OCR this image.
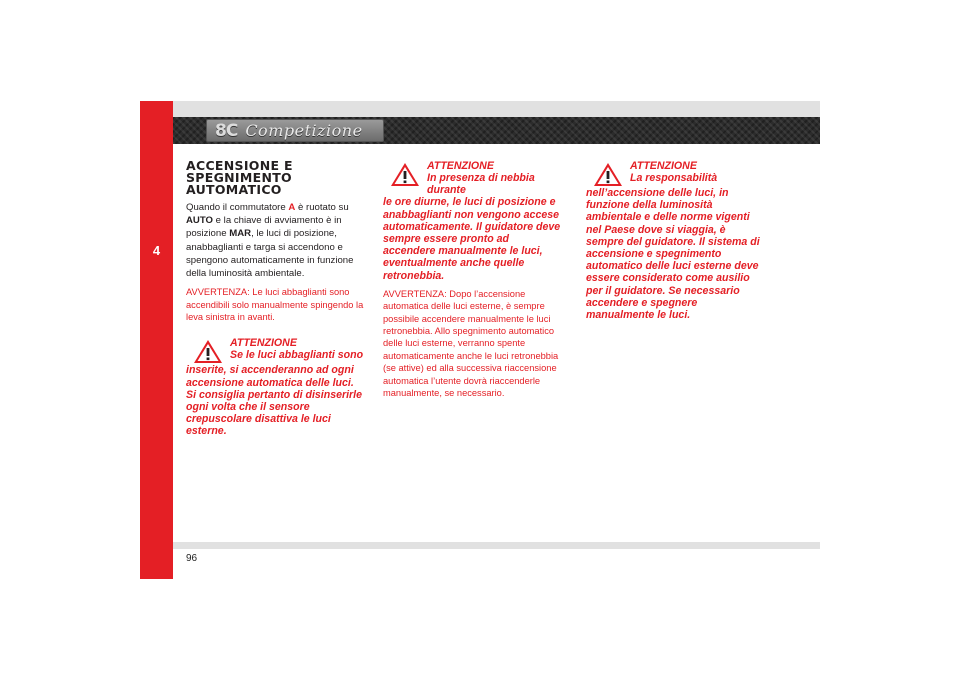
4
8C Competizione
ACCENSIONE E
SPEGNIMENTO
AUTOMATICO

Quando il commutatore A è ruotato su AUTO e la chiave di avviamento è in posizione MAR, le luci di posizione, anabbaglianti e targa si accendono e spengono automaticamente in funzione della luminosità ambientale.

AVVERTENZA: Le luci abbaglianti sono accendibili solo manualmente spingendo la leva sinistra in avanti.

ATTENZIONE
Se le luci abbaglianti sono

inserite, si accenderanno ad ogni accensione automatica delle luci. Si consiglia pertanto di disinserirle ogni volta che il sensore crepuscolare disattiva le luci esterne.

ATTENZIONE
In presenza di nebbia durante

le ore diurne, le luci di posizione e anabbaglianti non vengono accese automaticamente. Il guidatore deve sempre essere pronto ad accendere manualmente le luci, eventualmente anche quelle retronebbia.

AVVERTENZA: Dopo l’accensione automatica delle luci esterne, è sempre possibile accendere manualmente le luci retronebbia. Allo spegnimento automatico delle luci esterne, verranno spente automaticamente anche le luci retronebbia (se attive) ed alla successiva riaccensione automatica l’utente dovrà riaccenderle manualmente, se necessario.

ATTENZIONE
La responsabilità

nell’accensione delle luci, in funzione della luminosità ambientale e delle norme vigenti nel Paese dove si viaggia, è sempre del guidatore. Il sistema di accensione e spegnimento automatico delle luci esterne deve essere considerato come ausilio per il guidatore. Se necessario accendere e spegnere manualmente le luci.

96
